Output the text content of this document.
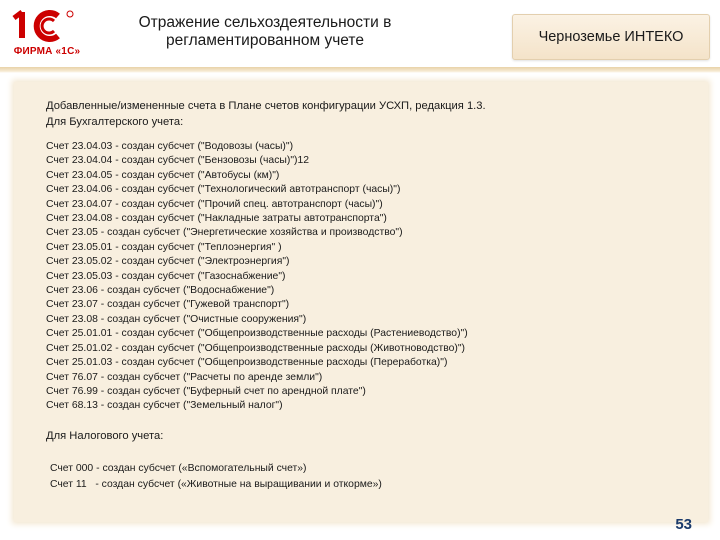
ФИРМА «1С»
Отражение сельхоздеятельности в
регламентированном учете	Черноземье ИНТЕКО
Добавленные/измененные счета в Плане счетов конфигурации УСХП, редакция 1.3.
Для Бухгалтерского учета:
Счет 23.04.03 - создан субсчет ("Водовозы (часы)")
Счет 23.04.04 - создан субсчет ("Бензовозы (часы)")12
Счет 23.04.05 - создан субсчет ("Автобусы (км)")
Счет 23.04.06 - создан субсчет ("Технологический автотранспорт (часы)")
Счет 23.04.07 - создан субсчет ("Прочий спец. автотранспорт (часы)")
Счет 23.04.08 - создан субсчет ("Накладные затраты автотранспорта")
Счет 23.05 - создан субсчет ("Энергетические хозяйства и производство")
Счет 23.05.01 - создан субсчет ("Теплоэнергия" )
Счет 23.05.02 - создан субсчет ("Электроэнергия")
Счет 23.05.03 - создан субсчет ("Газоснабжение")
Счет 23.06 - создан субсчет ("Водоснабжение")
Счет 23.07 - создан субсчет ("Гужевой транспорт")
Счет 23.08 - создан субсчет ("Очистные сооружения")
Счет 25.01.01 - создан субсчет ("Общепроизводственные расходы (Растениеводство)")
Счет 25.01.02 - создан субсчет ("Общепроизводственные расходы (Животноводство)")
Счет 25.01.03 - создан субсчет ("Общепроизводственные расходы (Переработка)")
Счет 76.07 - создан субсчет ("Расчеты по аренде земли")
Счет 76.99 - создан субсчет ("Буферный счет по арендной плате")
Счет 68.13 - создан субсчет ("Земельный налог")
Для Налогового учета:
Счет 000 - создан субсчет («Вспомогательный счет»)
Счет 11   - создан субсчет («Животные на выращивании и откорме»)
53
